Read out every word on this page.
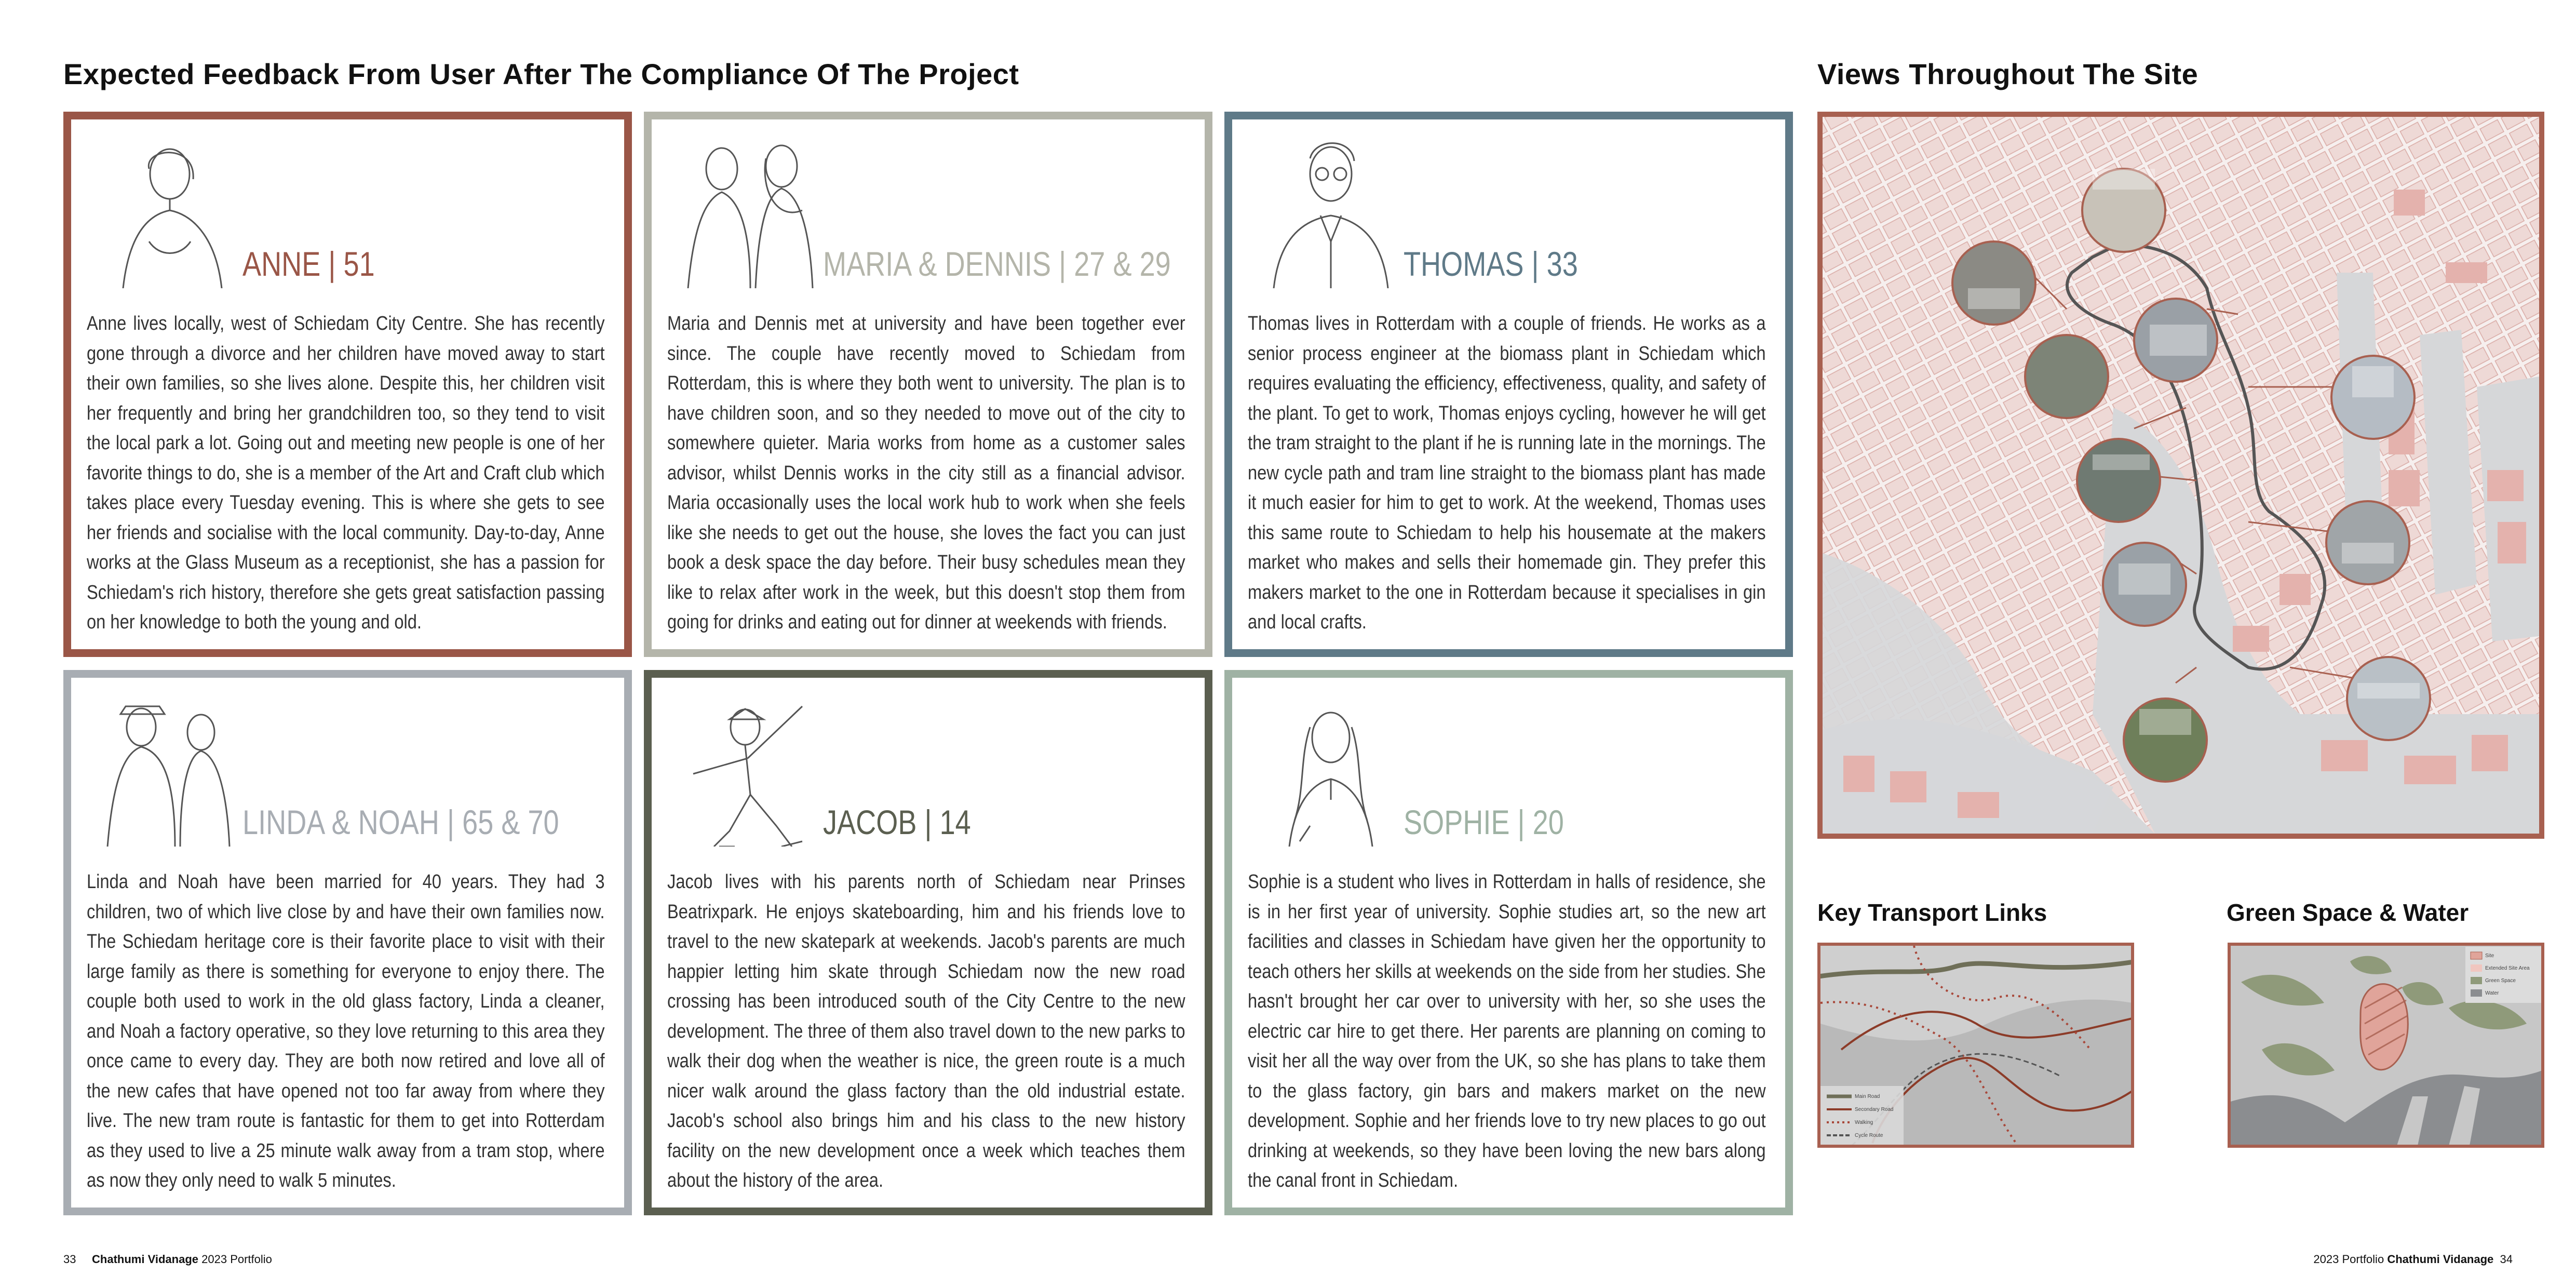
Expected Feedback From User After The Compliance Of The Project	Views Throughout The Site
Key Transport Links	Green Space & Water
ANNE | 51
Anne lives locally, west of Schiedam City Centre. She has recently gone through a divorce and her children have moved away to start their own families, so she lives alone. Despite this, her children visit her frequently and bring her grandchildren too, so they tend to visit the local park a lot. Going out and meeting new people is one of her favorite things to do, she is a member of the Art and Craft club which takes place every Tuesday evening. This is where she gets to see her friends and socialise with the local community. Day-to-day, Anne works at the Glass Museum as a receptionist, she has a passion for Schiedam's rich history, therefore she gets great satisfaction passing on her knowledge to both the young and old.
MARIA & DENNIS | 27 & 29
Maria and Dennis met at university and have been together ever since. The couple have recently moved to Schiedam from Rotterdam, this is where they both went to university. The plan is to have children soon, and so they needed to move out of the city to somewhere quieter. Maria works from home as a customer sales advisor, whilst Dennis works in the city still as a financial advisor. Maria occasionally uses the local work hub to work when she feels like she needs to get out the house, she loves the fact you can just book a desk space the day before. Their busy schedules mean they like to relax after work in the week, but this doesn't stop them from going for drinks and eating out for dinner at weekends with friends.
THOMAS | 33
Thomas lives in Rotterdam with a couple of friends. He works as a senior process engineer at the biomass plant in Schiedam which requires evaluating the efficiency, effectiveness, quality, and safety of the plant. To get to work, Thomas enjoys cycling, however he will get the tram straight to the plant if he is running late in the mornings. The new cycle path and tram line straight to the biomass plant has made it much easier for him to get to work. At the weekend, Thomas uses this same route to Schiedam to help his housemate at the makers market who makes and sells their homemade gin. They prefer this makers market to the one in Rotterdam because it specialises in gin and local crafts.
LINDA & NOAH | 65 & 70
Linda and Noah have been married for 40 years. They had 3 children, two of which live close by and have their own families now. The Schiedam heritage core is their favorite place to visit with their large family as there is something for everyone to enjoy there. The couple both used to work in the old glass factory, Linda a cleaner, and Noah a factory operative, so they love returning to this area they once came to every day. They are both now retired and love all of the new cafes that have opened not too far away from where they live. The new tram route is fantastic for them to get into Rotterdam as they used to live a 25 minute walk away from a tram stop, where as now they only need to walk 5 minutes.
JACOB | 14
Jacob lives with his parents north of Schiedam near Prinses Beatrixpark. He enjoys skateboarding, him and his friends love to travel to the new skatepark at weekends. Jacob's parents are much happier letting him skate through Schiedam now the new road crossing has been introduced south of the City Centre to the new development. The three of them also travel down to the new parks to walk their dog when the weather is nice, the green route is a much nicer walk around the glass factory than the old industrial estate. Jacob's school also brings him and his class to the new history facility on the new development once a week which teaches them about the history of the area.
SOPHIE | 20
Sophie is a student who lives in Rotterdam in halls of residence, she is in her first year of university. Sophie studies art, so the new art facilities and classes in Schiedam have given her the opportunity to teach others her skills at weekends on the side from her studies. She hasn't brought her car over to university with her, so she uses the electric car hire to get there. Her parents are planning on coming to visit her all the way over from the UK, so she has plans to take them to the glass factory, gin bars and makers market on the new development. Sophie and her friends love to try new places to go out drinking at weekends, so they have been loving the new bars along the canal front in Schiedam.
Main Road
Secondary Road
Walking
Cycle Route
Site
Extended Site Area
Green Space
Water
33 Chathumi Vidanage 2023 Portfolio	2023 Portfolio Chathumi Vidanage 34
